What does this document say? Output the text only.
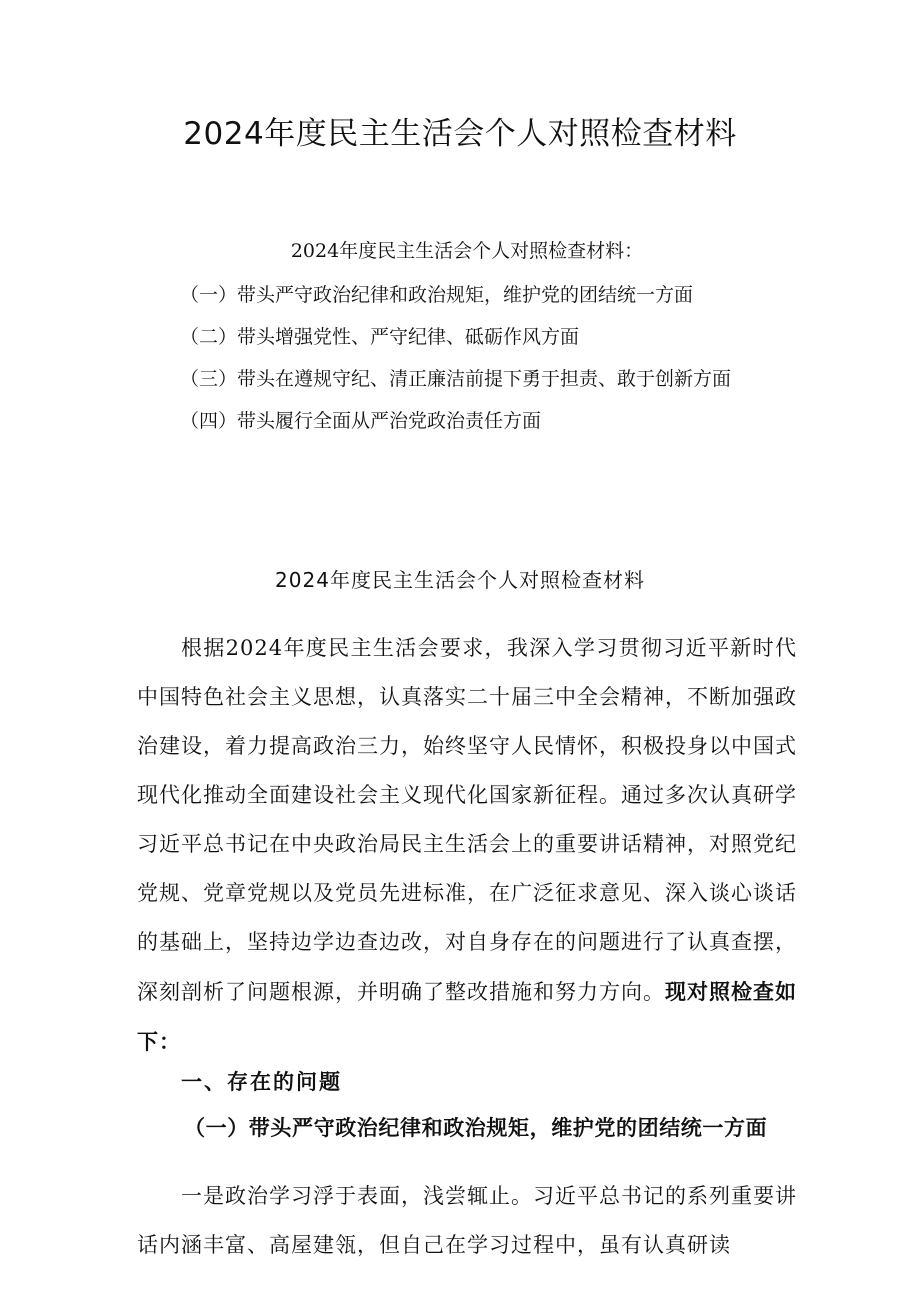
2024年度民主生活会个人对照检查材料
2024年度民主生活会个人对照检查材料：
（一）带头严守政治纪律和政治规矩，维护党的团结统一方面
（二）带头增强党性、严守纪律、砥砺作风方面
（三）带头在遵规守纪、清正廉洁前提下勇于担责、敢于创新方面
（四）带头履行全面从严治党政治责任方面
2024年度民主生活会个人对照检查材料

根据2024年度民主生活会要求，我深入学习贯彻习近平新时代中国特色社会主义思想，认真落实二十届三中全会精神，不断加强政治建设，着力提高政治三力，始终坚守人民情怀，积极投身以中国式现代化推动全面建设社会主义现代化国家新征程。通过多次认真研学习近平总书记在中央政治局民主生活会上的重要讲话精神，对照党纪党规、党章党规以及党员先进标准，在广泛征求意见、深入谈心谈话的基础上，坚持边学边查边改，对自身存在的问题进行了认真查摆，深刻剖析了问题根源，并明确了整改措施和努力方向。现对照检查如下：

一、存在的问题
（一）带头严守政治纪律和政治规矩，维护党的团结统一方面

一是政治学习浮于表面，浅尝辄止。习近平总书记的系列重要讲话内涵丰富、高屋建瓴，但自己在学习过程中，虽有认真研读
